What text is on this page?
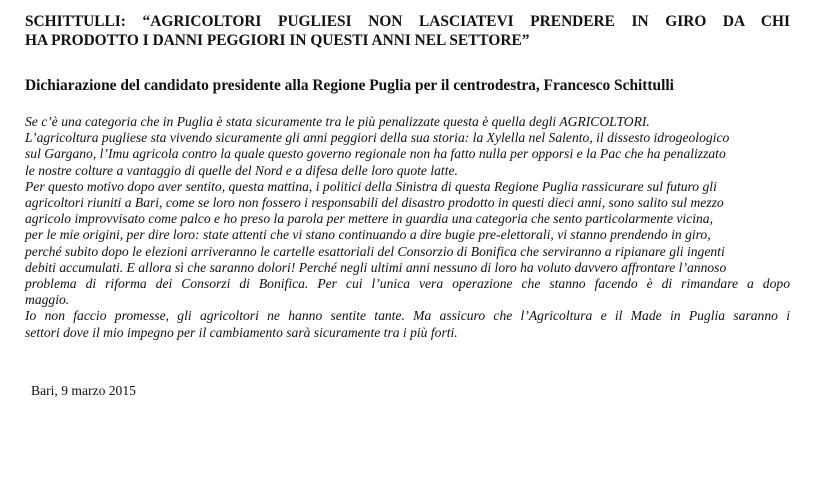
SCHITTULLI: “AGRICOLTORI PUGLIESI NON LASCIATEVI PRENDERE IN GIRO DA CHI
HA PRODOTTO I DANNI PEGGIORI IN QUESTI ANNI NEL SETTORE”
Dichiarazione del candidato presidente alla Regione Puglia per il centrodestra, Francesco Schittulli
Se c’è una categoria che in Puglia è stata sicuramente tra le più penalizzate questa è quella degli AGRICOLTORI.
L’agricoltura pugliese sta vivendo sicuramente gli anni peggiori della sua storia: la Xylella nel Salento, il dissesto idrogeologico
sul Gargano, l’Imu agricola contro la quale questo governo regionale non ha fatto nulla per opporsi e la Pac che ha penalizzato
le nostre colture a vantaggio di quelle del Nord e a difesa delle loro quote latte.
Per questo motivo dopo aver sentito, questa mattina, i politici della Sinistra di questa Regione Puglia rassicurare sul futuro gli
agricoltori riuniti a Bari, come se loro non fossero i responsabili del disastro prodotto in questi dieci anni, sono salito sul mezzo
agricolo improvvisato come palco e ho preso la parola per mettere in guardia una categoria che sento particolarmente vicina,
per le mie origini, per dire loro: state attenti che vi stano continuando a dire bugie pre-elettorali, vi stanno prendendo in giro,
perché subito dopo le elezioni arriveranno le cartelle esattoriali del Consorzio di Bonifica che serviranno a ripianare gli ingenti
debiti accumulati. E allora sì che saranno dolori! Perché negli ultimi anni nessuno di loro ha voluto davvero affrontare l’annoso
problema di riforma dei Consorzi di Bonifica. Per cui l’unica vera operazione che stanno facendo è di rimandare a dopo
maggio.
Io non faccio promesse, gli agricoltori ne hanno sentite tante. Ma assicuro che l’Agricoltura e il Made in Puglia saranno i
settori dove il mio impegno per il cambiamento sarà sicuramente tra i più forti.
Bari, 9 marzo 2015
